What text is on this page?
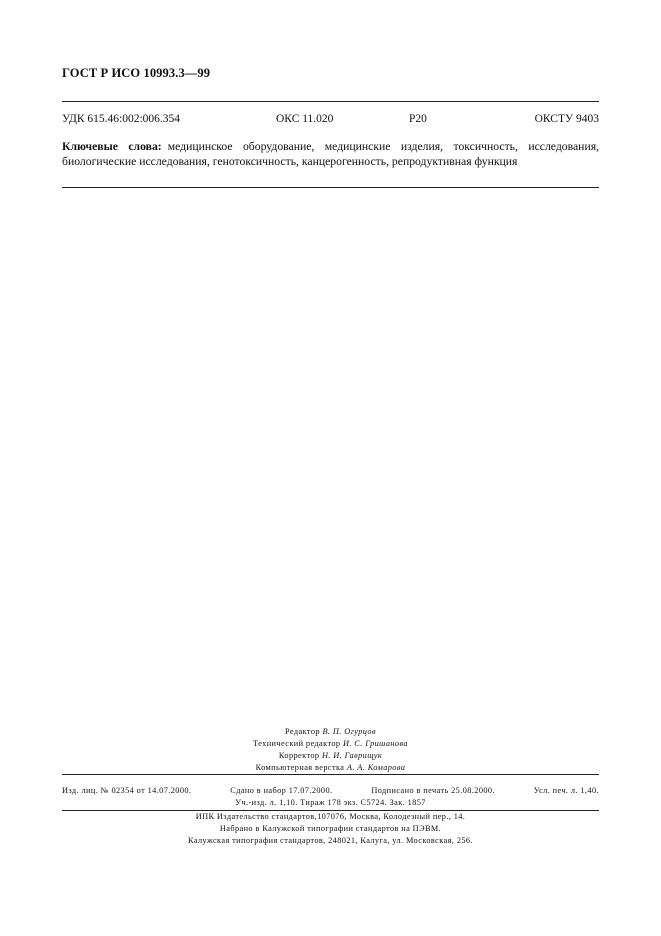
ГОСТ Р ИСО 10993.3—99
УДК 615.46:002:006.354	ОКС 11.020	Р20	ОКСТУ 9403
Ключевые слова: медицинское оборудование, медицинские изделия, токсичность, исследования, биологические исследования, генотоксичность, канцерогенность, репродуктивная функция
Редактор В. П. Огурцов
Технический редактор И. С. Гришанова
Корректор Н. И. Гаврищук
Компьютерная верстка А. А. Комарова
Изд. лиц. № 02354 от 14.07.2000.	Сдано в набор 17.07.2000.	Подписано в печать 25.08.2000.	Усл. печ. л. 1,40.
Уч.-изд. л. 1,10. Тираж 178 экз. С5724. Зак. 1857
ИПК Издательство стандартов,107076, Москва, Колодезный пер., 14.
Набрано в Калужской типографии стандартов на ПЭВМ.
Калужская типография стандартов, 248021, Калуга, ул. Московская, 256.
